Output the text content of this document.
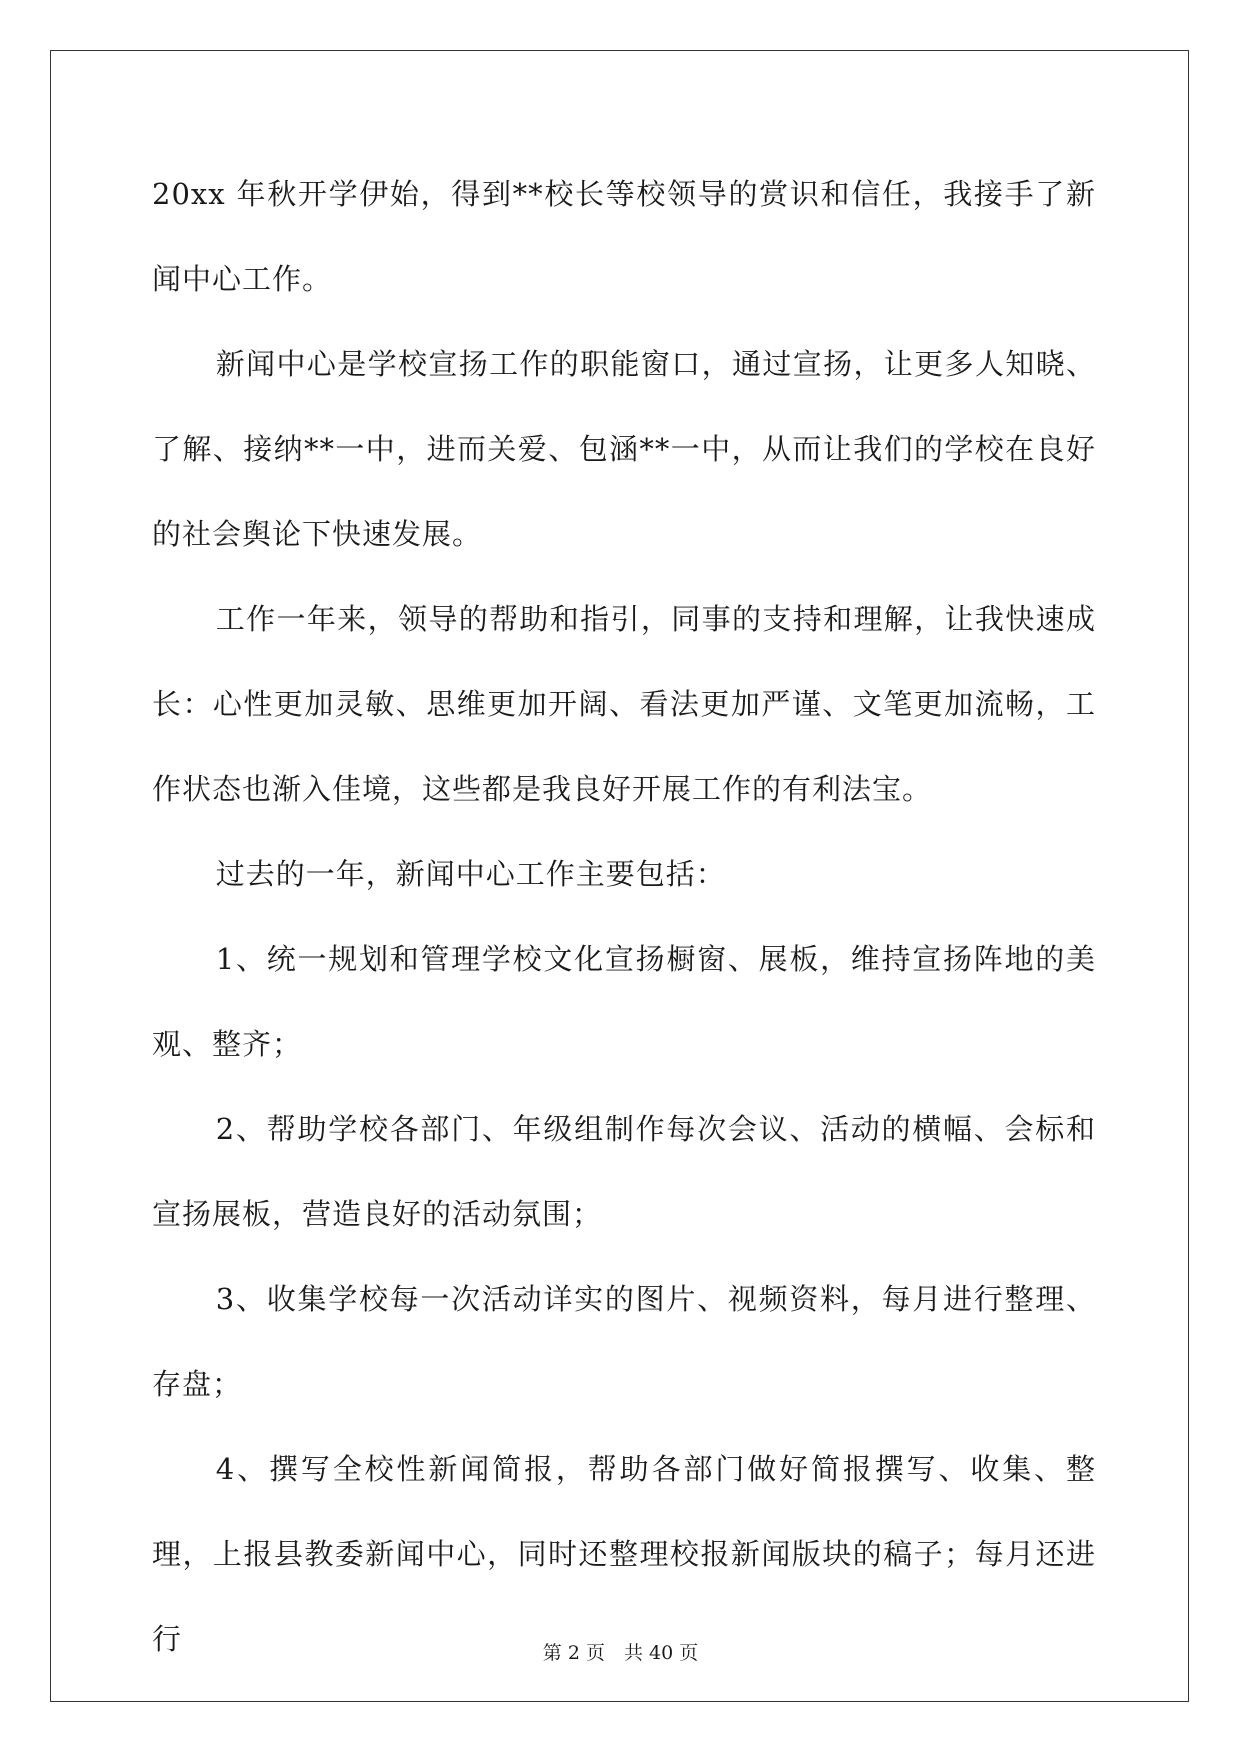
20xx 年秋开学伊始，得到**校长等校领导的赏识和信任，我接手了新闻中心工作。

新闻中心是学校宣扬工作的职能窗口，通过宣扬，让更多人知晓、了解、接纳**一中，进而关爱、包涵**一中，从而让我们的学校在良好的社会舆论下快速发展。

工作一年来，领导的帮助和指引，同事的支持和理解，让我快速成长：心性更加灵敏、思维更加开阔、看法更加严谨、文笔更加流畅，工作状态也渐入佳境，这些都是我良好开展工作的有利法宝。

过去的一年，新闻中心工作主要包括：

1、统一规划和管理学校文化宣扬橱窗、展板，维持宣扬阵地的美观、整齐；

2、帮助学校各部门、年级组制作每次会议、活动的横幅、会标和宣扬展板，营造良好的活动氛围；

3、收集学校每一次活动详实的图片、视频资料，每月进行整理、存盘；

4、撰写全校性新闻简报，帮助各部门做好简报撰写、收集、整理，上报县教委新闻中心，同时还整理校报新闻版块的稿子；每月还进行	第 2 页　共 40 页
